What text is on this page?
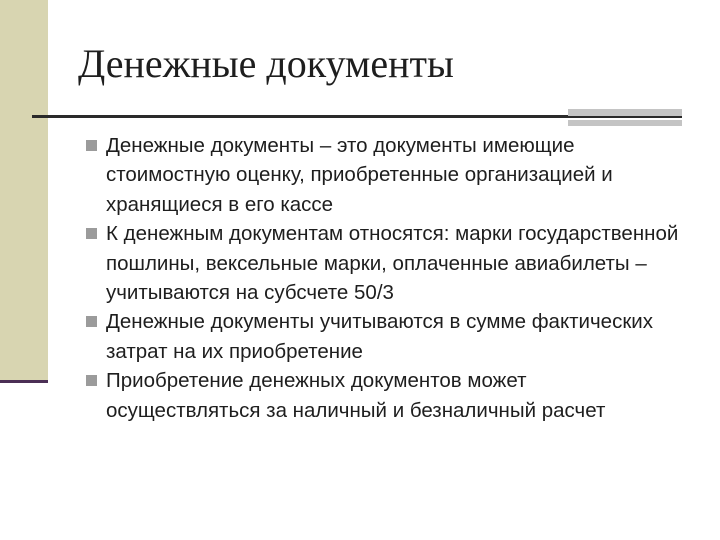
Денежные документы
Денежные документы – это документы имеющие стоимостную оценку, приобретенные организацией и хранящиеся в его кассе
К денежным документам относятся: марки государственной пошлины, вексельные марки, оплаченные авиабилеты – учитываются на субсчете 50/3
Денежные документы учитываются в сумме фактических затрат на их приобретение
Приобретение денежных документов может осуществляться за наличный и безналичный расчет
